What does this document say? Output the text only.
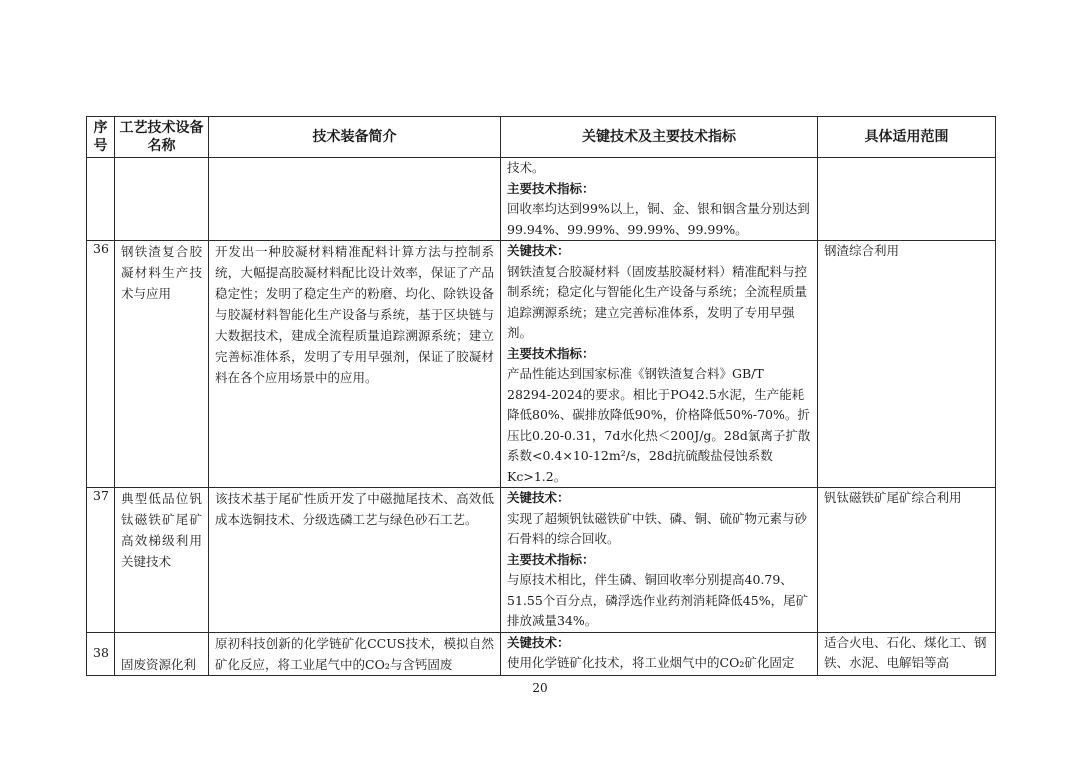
序号	工艺技术设备名称	技术装备简介	关键技术及主要技术指标	具体适用范围

			技术。
主要技术指标：
回收率均达到99%以上，铜、金、银和铟含量分别达到99.94%、99.99%、99.99%、99.99%。	

36	钢铁渣复合胶凝材料生产技术与应用	开发出一种胶凝材料精准配料计算方法与控制系统，大幅提高胶凝材料配比设计效率，保证了产品稳定性；发明了稳定生产的粉磨、均化、除铁设备与胶凝材料智能化生产设备与系统，基于区块链与大数据技术，建成全流程质量追踪溯源系统；建立完善标准体系，发明了专用早强剂，保证了胶凝材料在各个应用场景中的应用。	关键技术：
钢铁渣复合胶凝材料（固废基胶凝材料）精准配料与控制系统；稳定化与智能化生产设备与系统；全流程质量追踪溯源系统；建立完善标准体系，发明了专用早强剂。
主要技术指标：
产品性能达到国家标准《钢铁渣复合料》GB/T 28294-2024的要求。相比于PO42.5水泥，生产能耗降低80%、碳排放降低90%，价格降低50%-70%。折压比0.20-0.31，7d水化热＜200J/g。28d氯离子扩散系数<0.4×10-12m²/s，28d抗硫酸盐侵蚀系数Kc>1.2。	钢渣综合利用
37	典型低品位钒钛磁铁矿尾矿高效梯级利用关键技术	该技术基于尾矿性质开发了中磁抛尾技术、高效低成本选铜技术、分级选磷工艺与绿色砂石工艺。	关键技术：
实现了超频钒钛磁铁矿中铁、磷、铜、硫矿物元素与砂石骨料的综合回收。
主要技术指标：
与原技术相比，伴生磷、铜回收率分别提高40.79、51.55个百分点，磷浮选作业药剂消耗降低45%，尾矿排放减量34%。	钒钛磁铁矿尾矿综合利用
38	固废资源化利	原初科技创新的化学链矿化CCUS技术，模拟自然矿化反应，将工业尾气中的CO₂与含钙固废	关键技术：
使用化学链矿化技术，将工业烟气中的CO₂矿化固定	适合火电、石化、煤化工、钢铁、水泥、电解铝等高
20
